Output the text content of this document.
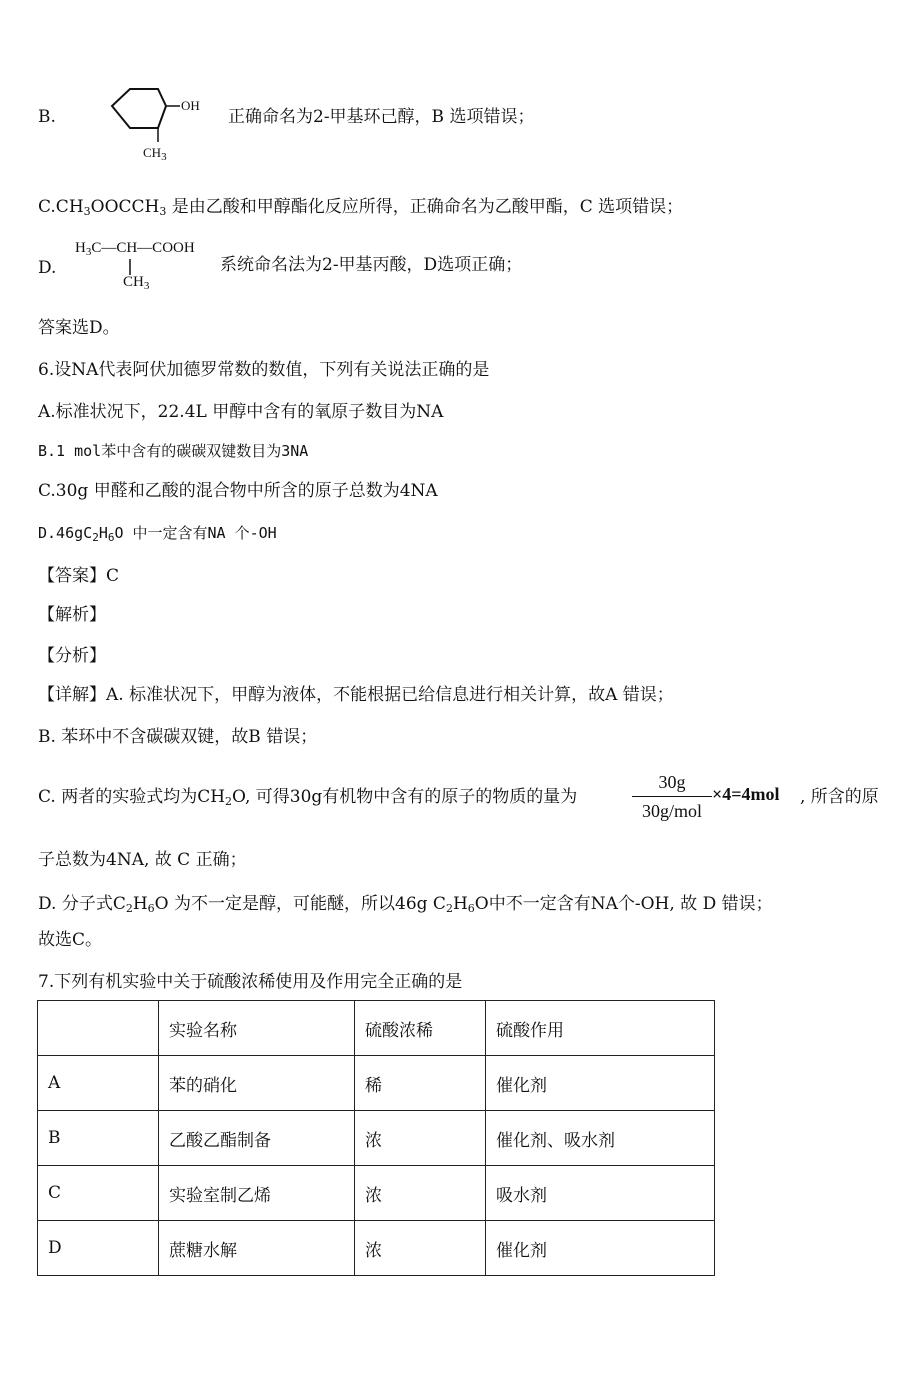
B.
OH
$CH_3$
正确命名为2-甲基环己醇，B 选项错误；
$C.CH_3OOCCH_3$ 是由乙酸和甲醇酯化反应所得，正确命名为乙酸甲酯，C 选项错误；
D.
$H_3C—CH—COOH$
$CH_3$
系统命名法为2-甲基丙酸，D选项正确；
答案选D。
6.设NA代表阿伏加德罗常数的数值，下列有关说法正确的是
A.标准状况下，22.4L 甲醇中含有的氧原子数目为NA
B.1 mol苯中含有的碳碳双键数目为3NA
C.30g 甲醛和乙酸的混合物中所含的原子总数为4NA
$D.46gC_2H_6O$ 中一定含有NA 个-OH
【答案】C
【解析】
【分析】
【详解】A. 标准状况下，甲醇为液体，不能根据已给信息进行相关计算，故A 错误；
B. 苯环中不含碳碳双键，故B 错误；
C. 两者的实验式均为$CH_2O$, 可得30g有机物中含有的原子的物质的量为
30g
30g/mol
×4=4mol , 所含的原
子总数为4NA, 故 C 正确；
D. 分子式$C_2H_6O$ 为不一定是醇，可能醚，所以46g $C_2H_6O$中不一定含有NA个-OH, 故 D 错误；
故选C。
7.下列有机实验中关于硫酸浓稀使用及作用完全正确的是
	实验名称	硫酸浓稀	硫酸作用
A	苯的硝化	稀	催化剂
B	乙酸乙酯制备	浓	催化剂、吸水剂
C	实验室制乙烯	浓	吸水剂
D	蔗糖水解	浓	催化剂
